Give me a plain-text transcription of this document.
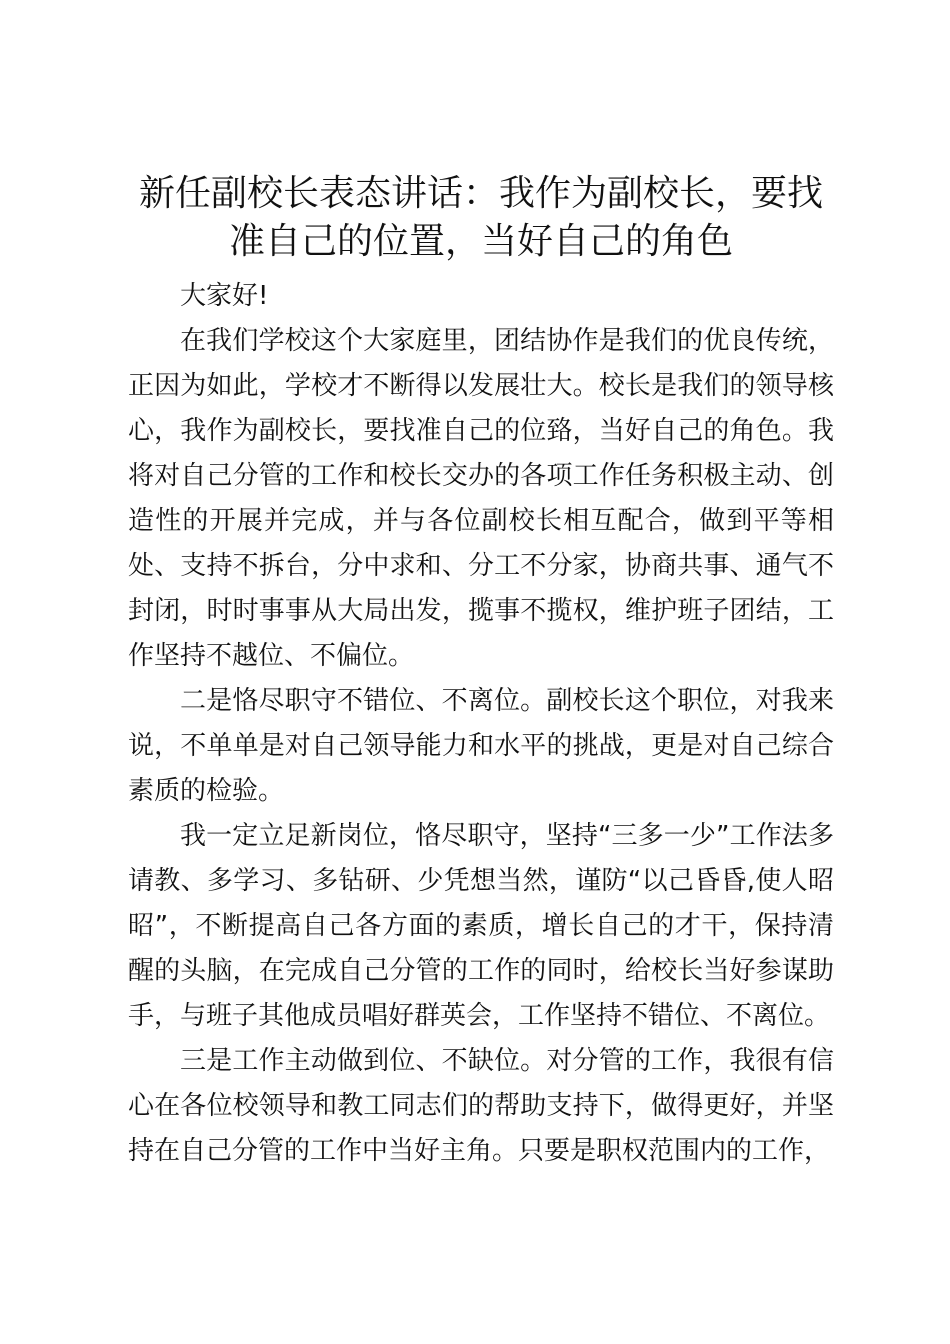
新任副校长表态讲话：我作为副校长，要找准自己的位置，当好自己的角色

大家好!

在我们学校这个大家庭里，团结协作是我们的优良传统，正因为如此，学校才不断得以发展壮大。校长是我们的领导核心，我作为副校长，要找准自己的位臵，当好自己的角色。我将对自己分管的工作和校长交办的各项工作任务积极主动、创造性的开展并完成，并与各位副校长相互配合，做到平等相处、支持不拆台，分中求和、分工不分家，协商共事、通气不封闭，时时事事从大局出发，揽事不揽权，维护班子团结，工作坚持不越位、不偏位。

二是恪尽职守不错位、不离位。副校长这个职位，对我来说，不单单是对自己领导能力和水平的挑战，更是对自己综合素质的检验。

我一定立足新岗位，恪尽职守，坚持“三多一少”工作法多请教、多学习、多钻研、少凭想当然，谨防“以己昏昏,使人昭昭”，不断提高自己各方面的素质，增长自己的才干，保持清醒的头脑，在完成自己分管的工作的同时，给校长当好参谋助手，与班子其他成员唱好群英会，工作坚持不错位、不离位。

三是工作主动做到位、不缺位。对分管的工作，我很有信心在各位校领导和教工同志们的帮助支持下，做得更好，并坚持在自己分管的工作中当好主角。只要是职权范围内的工作，
